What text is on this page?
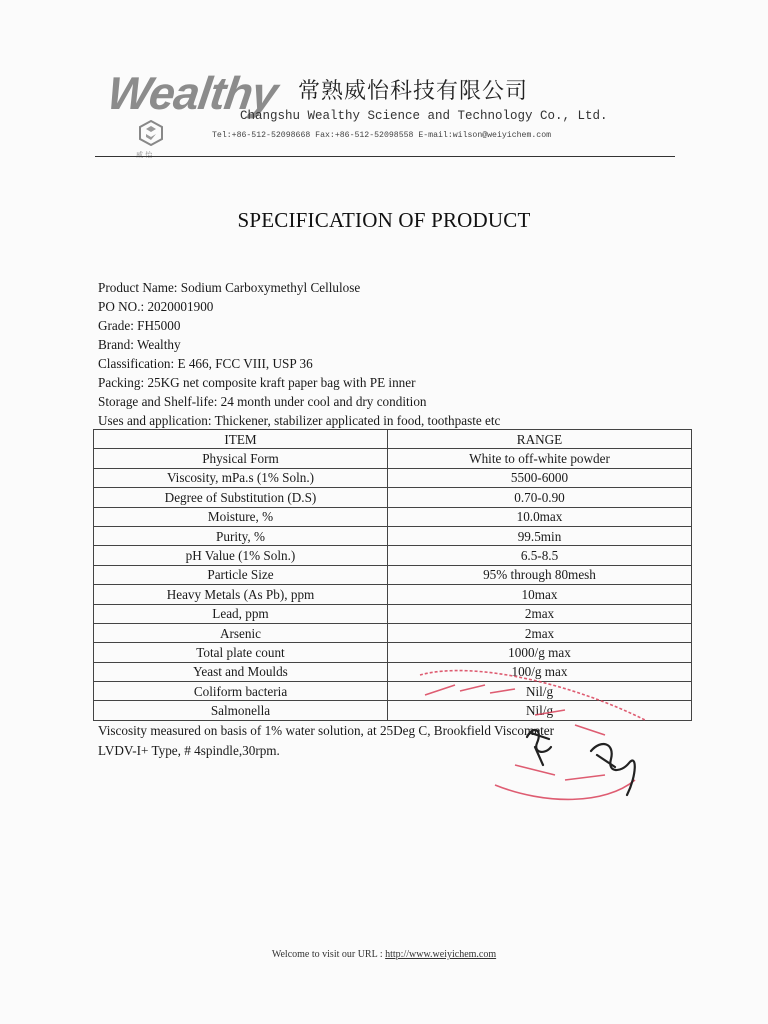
Wealthy
威 怡
常熟威怡科技有限公司
Changshu Wealthy Science and Technology Co., Ltd.
Tel:+86-512-52098668 Fax:+86-512-52098558 E-mail:wilson@weiyichem.com
SPECIFICATION OF PRODUCT
Product Name: Sodium Carboxymethyl Cellulose
PO NO.: 2020001900
Grade: FH5000
Brand: Wealthy
Classification: E 466, FCC VIII, USP 36
Packing: 25KG net composite kraft paper bag with PE inner
Storage and Shelf-life: 24 month under cool and dry condition
Uses and application: Thickener, stabilizer applicated in food, toothpaste etc
ITEM	RANGE
Physical Form	White to off-white powder
Viscosity, mPa.s (1% Soln.)	5500-6000
Degree of Substitution (D.S)	0.70-0.90
Moisture, %	10.0max
Purity, %	99.5min
pH Value (1% Soln.)	6.5-8.5
Particle Size	95% through 80mesh
Heavy Metals (As Pb), ppm	10max
Lead, ppm	2max
Arsenic	2max
Total plate count	1000/g max
Yeast and Moulds	100/g max
Coliform bacteria	Nil/g
Salmonella	Nil/g
Viscosity measured on basis of 1% water solution, at 25Deg C, Brookfield Viscometer
LVDV-I+ Type, # 4spindle,30rpm.
Welcome to visit our URL : http://www.weiyichem.com
